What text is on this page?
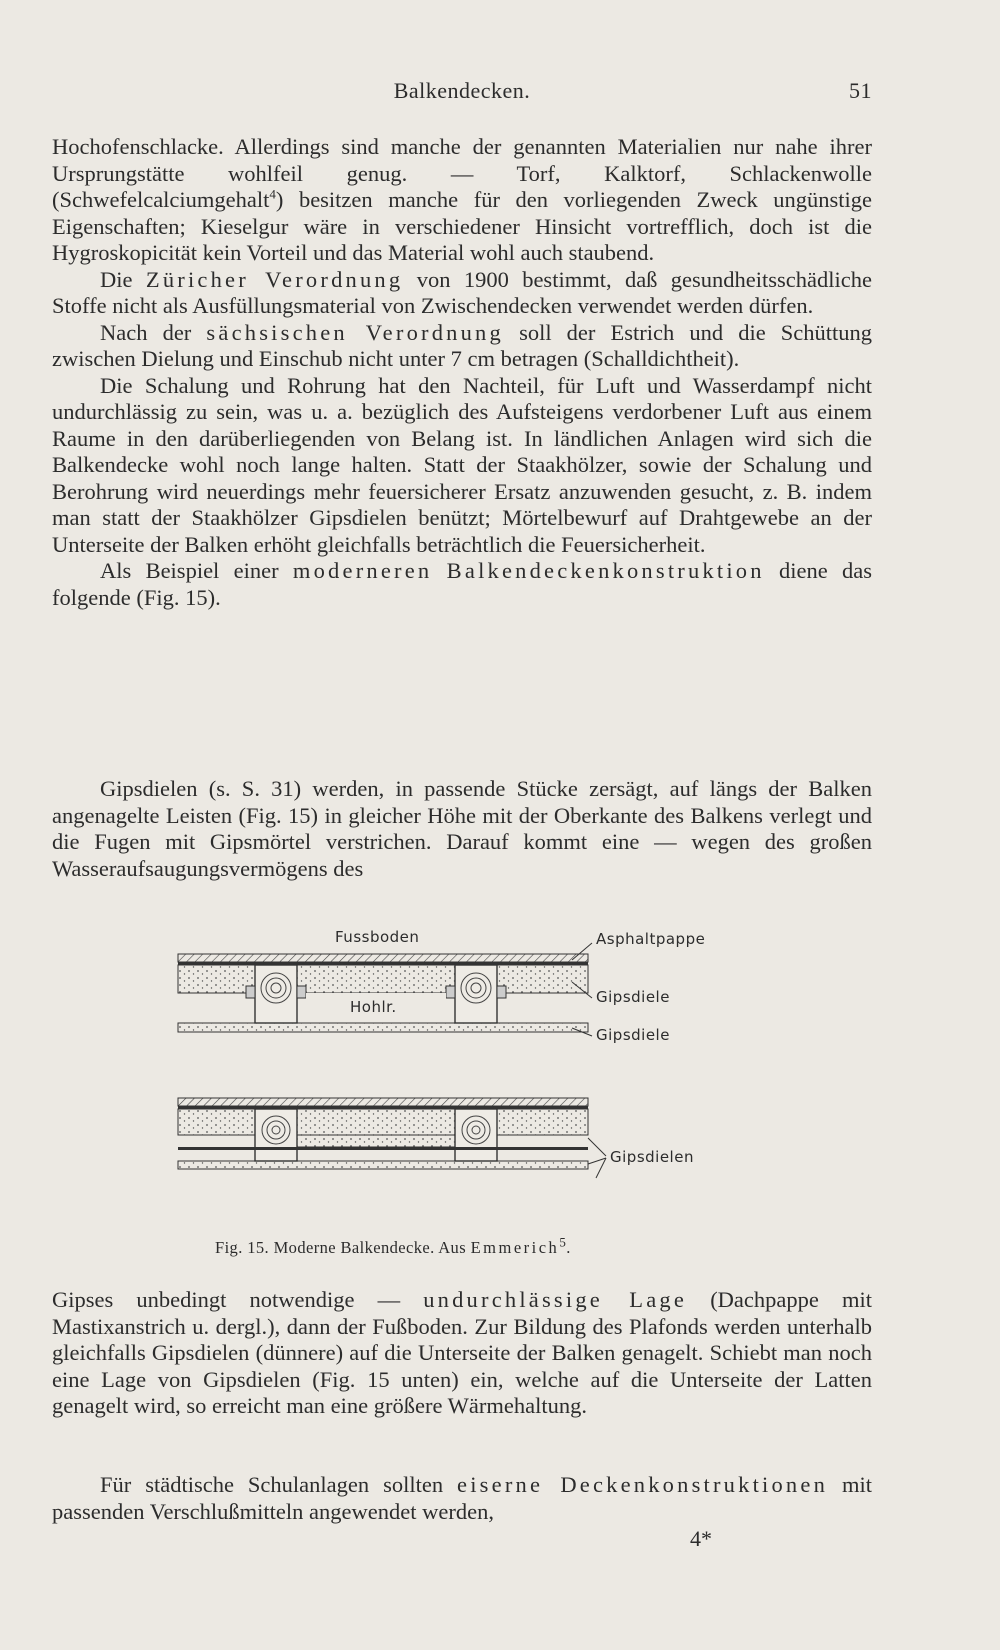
Balkendecken.	51

Hochofenschlacke. Allerdings sind manche der genannten Materialien nur nahe ihrer Ursprungstätte wohlfeil genug. — Torf, Kalktorf, Schlackenwolle (Schwefelcalciumgehalt$^4$) besitzen manche für den vorliegenden Zweck ungünstige Eigenschaften; Kieselgur wäre in verschiedener Hinsicht vortrefflich, doch ist die Hygroskopicität kein Vorteil und das Material wohl auch staubend.

Die Züricher Verordnung von 1900 bestimmt, daß gesundheitsschädliche Stoffe nicht als Ausfüllungsmaterial von Zwischendecken verwendet werden dürfen.

Nach der sächsischen Verordnung soll der Estrich und die Schüttung zwischen Dielung und Einschub nicht unter 7 cm betragen (Schalldichtheit).

Die Schalung und Rohrung hat den Nachteil, für Luft und Wasserdampf nicht undurchlässig zu sein, was u. a. bezüglich des Aufsteigens verdorbener Luft aus einem Raume in den darüberliegenden von Belang ist. In ländlichen Anlagen wird sich die Balkendecke wohl noch lange halten. Statt der Staakhölzer, sowie der Schalung und Berohrung wird neuerdings mehr feuersicherer Ersatz anzuwenden gesucht, z. B. indem man statt der Staakhölzer Gipsdielen benützt; Mörtelbewurf auf Drahtgewebe an der Unterseite der Balken erhöht gleichfalls beträchtlich die Feuersicherheit.

Als Beispiel einer moderneren Balkendeckenkonstruktion diene das folgende (Fig. 15).

Gipsdielen (s. S. 31) werden, in passende Stücke zersägt, auf längs der Balken angenagelte Leisten (Fig. 15) in gleicher Höhe mit der Oberkante des Balkens verlegt und die Fugen mit Gipsmörtel verstrichen. Darauf kommt eine — wegen des großen Wasseraufsaugungsvermögens des

Fussboden	Asphaltpappe
Gipsdiele
Gipsdiele
Hohlr.
Gipsdielen
Fig. 15. Moderne Balkendecke. Aus Emmerich$^5$.

Gipses unbedingt notwendige — undurchlässige Lage (Dachpappe mit Mastixanstrich u. dergl.), dann der Fußboden. Zur Bildung des Plafonds werden unterhalb gleichfalls Gipsdielen (dünnere) auf die Unterseite der Balken genagelt. Schiebt man noch eine Lage von Gipsdielen (Fig. 15 unten) ein, welche auf die Unterseite der Latten genagelt wird, so erreicht man eine größere Wärmehaltung.

Für städtische Schulanlagen sollten eiserne Deckenkonstruktionen mit passenden Verschlußmitteln angewendet werden,

4*
